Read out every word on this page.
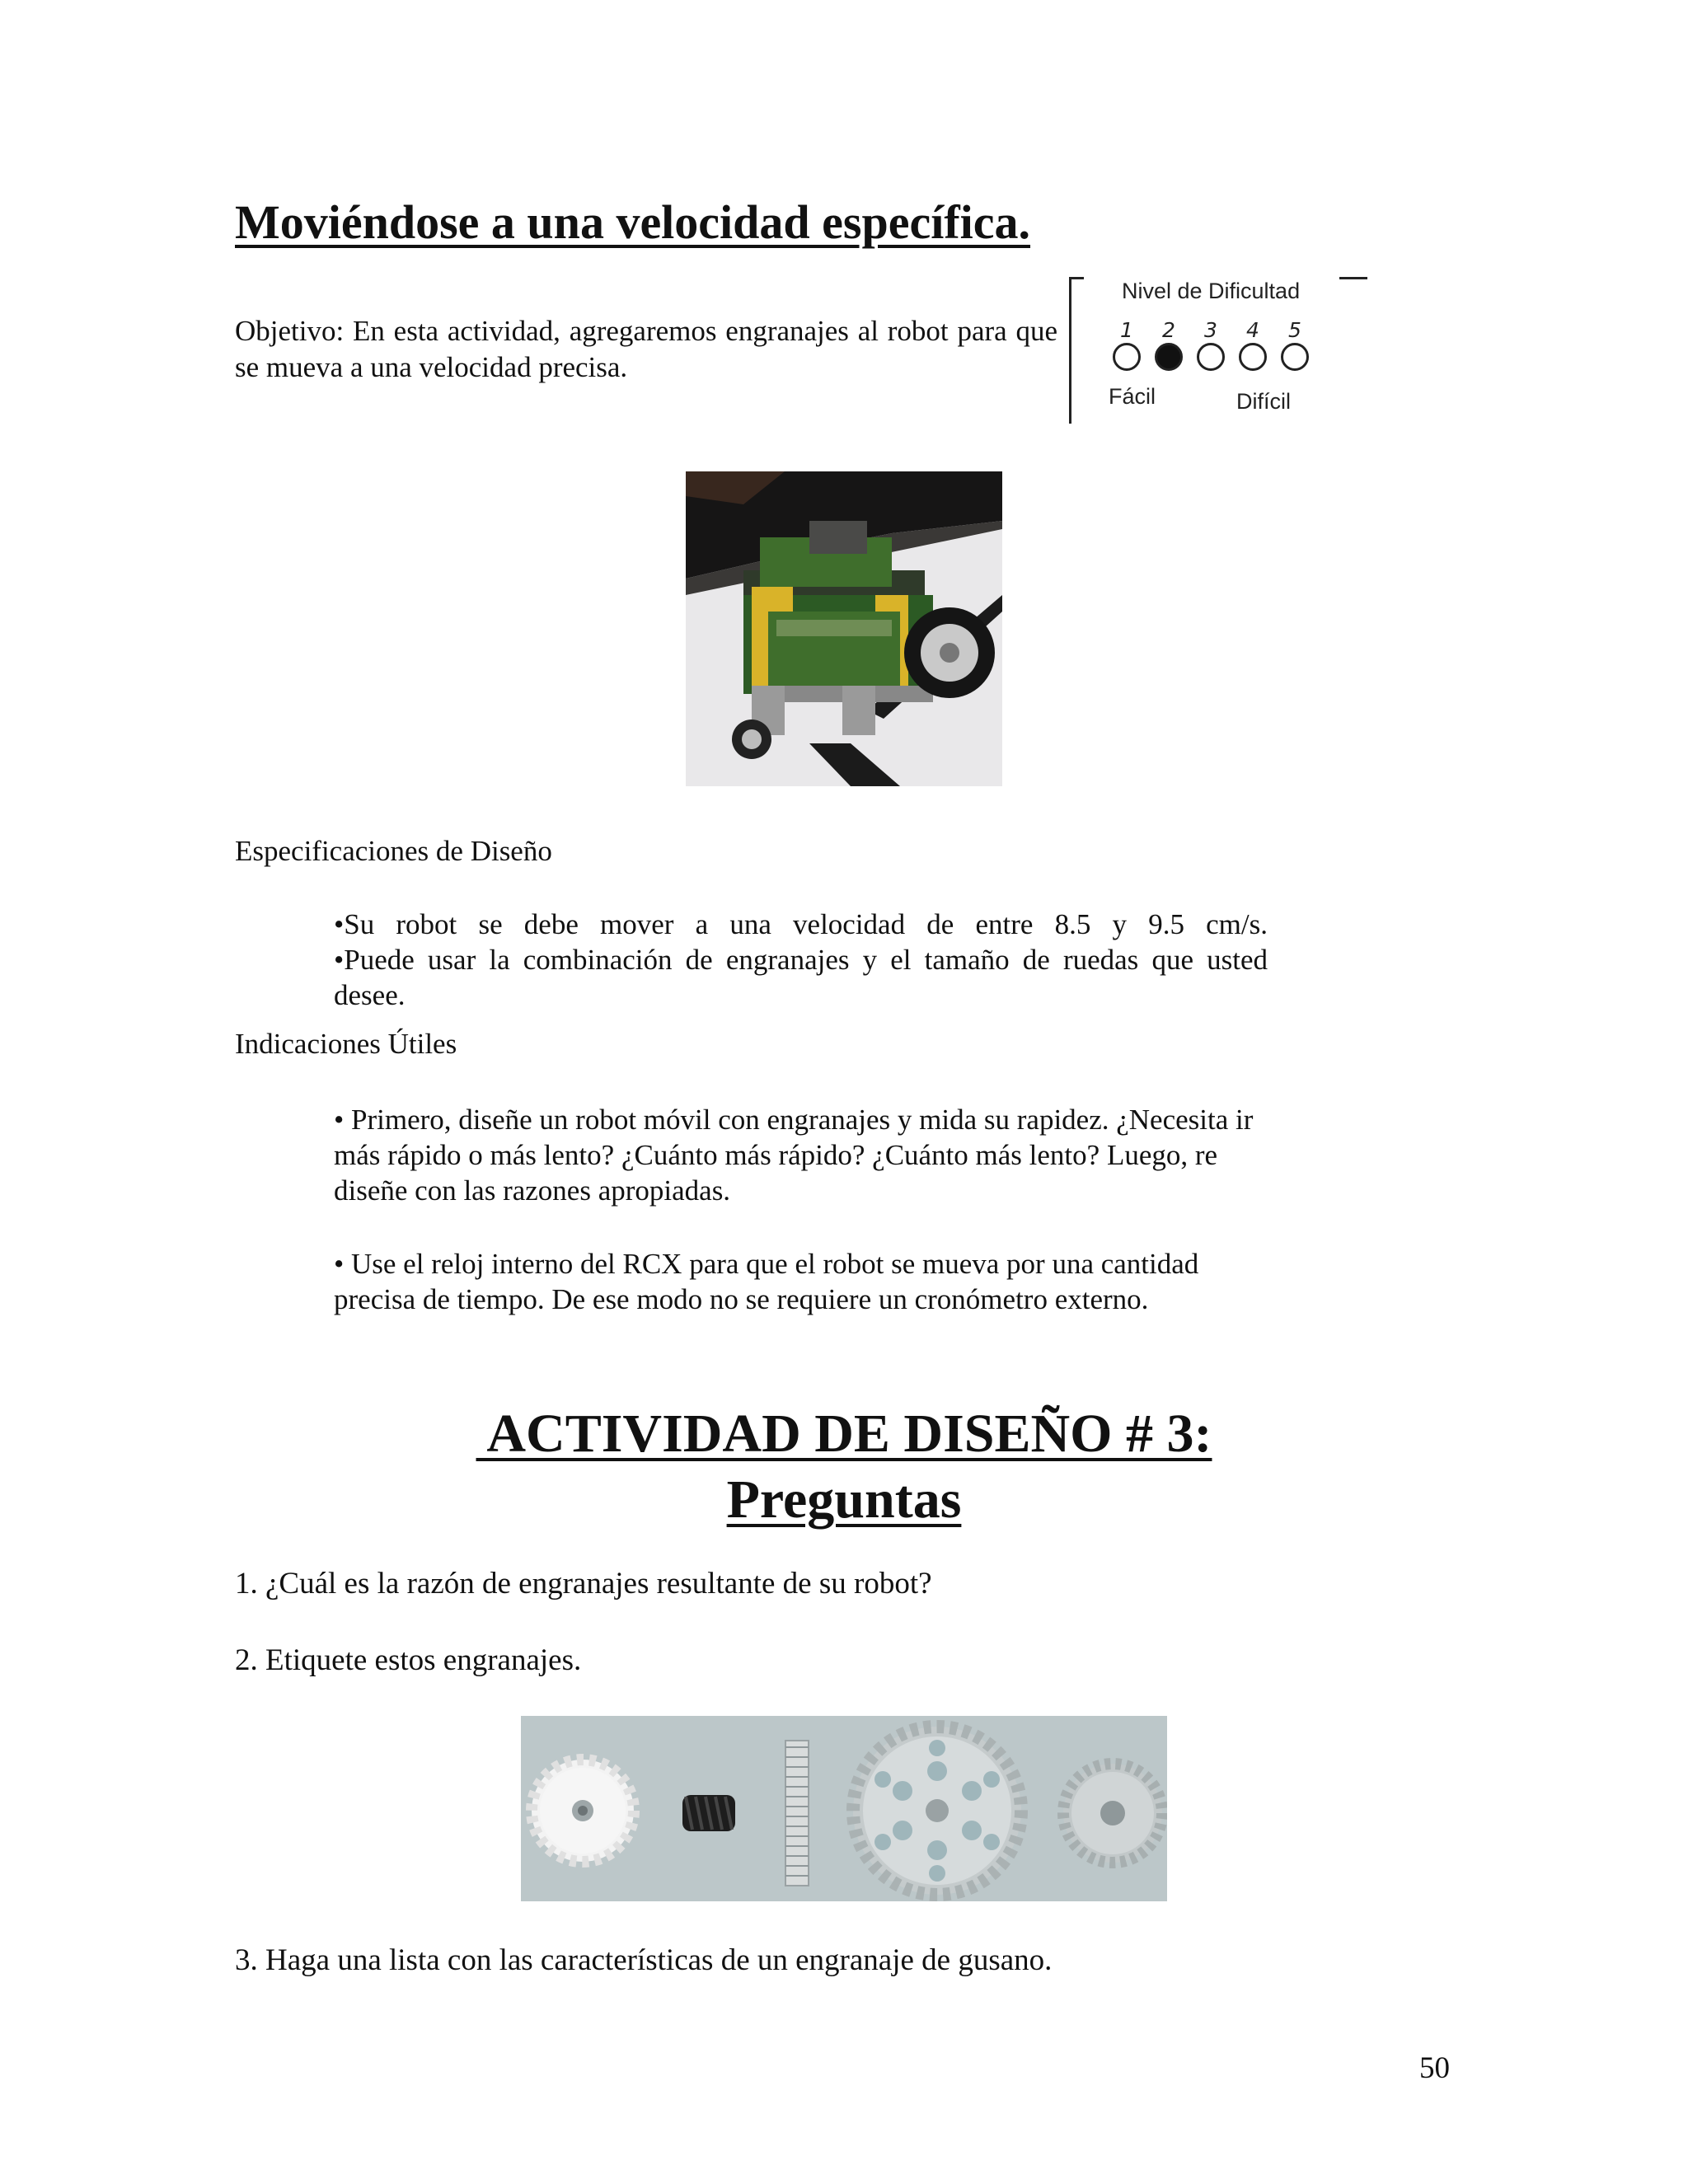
Moviéndose a una velocidad específica.

Objetivo: En esta actividad, agregaremos engranajes al robot para que se mueva a una velocidad precisa.

Nivel de Dificultad
1	2	3	4	5
Fácil	Difícil
Especificaciones de Diseño

•Su robot se debe mover a una velocidad de entre 8.5 y 9.5 cm/s.

•Puede usar la combinación de engranajes y el tamaño de ruedas que usted desee.

Indicaciones Útiles

• Primero, diseñe un robot móvil con engranajes y mida su rapidez. ¿Necesita ir más rápido o más lento? ¿Cuánto más rápido? ¿Cuánto más lento? Luego, re diseñe con las razones apropiadas.

• Use el reloj interno del RCX para que el robot se mueva por una cantidad precisa de tiempo. De ese modo no se requiere un cronómetro externo.

ACTIVIDAD DE DISEÑO # 3:
Preguntas

1. ¿Cuál es la razón de engranajes resultante de su robot?

2. Etiquete estos engranajes.

3. Haga una lista con las características de un engranaje de gusano.

50
